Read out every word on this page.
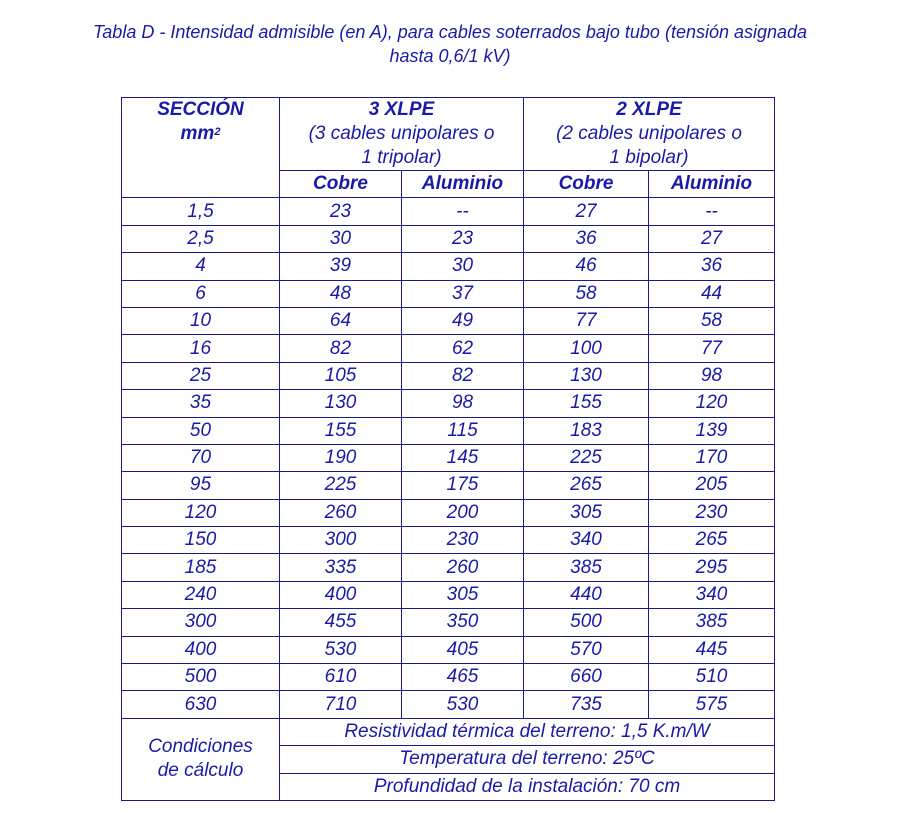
Tabla D - Intensidad admisible (en A), para cables soterrados bajo tubo (tensión asignada
hasta 0,6/1 kV)
SECCIÓN
$mm^2$	3 XLPE
(3 cables unipolares o
1 tripolar)		2 XLPE
(2 cables unipolares o
1 bipolar)	

	Cobre	Aluminio	Cobre	Aluminio
1,5	23	--	27	--
2,5	30	23	36	27
4	39	30	46	36
6	48	37	58	44
10	64	49	77	58
16	82	62	100	77
25	105	82	130	98
35	130	98	155	120
50	155	115	183	139
70	190	145	225	170
95	225	175	265	205
120	260	200	305	230
150	300	230	340	265
185	335	260	385	295
240	400	305	440	340
300	455	350	500	385
400	530	405	570	445
500	610	465	660	510
630	710	530	735	575
Condiciones
de cálculo	Resistividad térmica del terreno: 1,5 K.m/W			
	Temperatura del terreno: 25ºC			
	Profundidad de la instalación: 70 cm			
